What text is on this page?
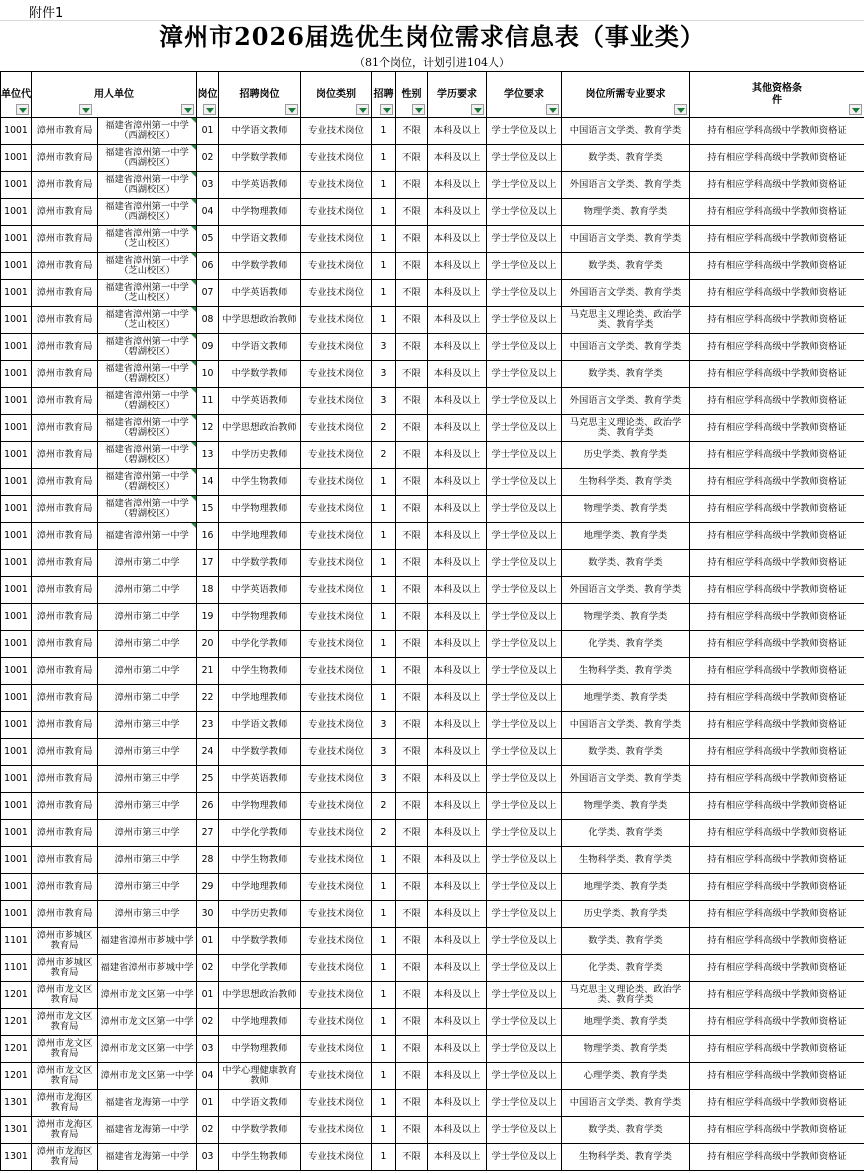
附件1
漳州市2026届选优生岗位需求信息表（事业类）
（81个岗位，计划引进104人）
单位代	用人单位		岗位	招聘岗位	岗位类别	招聘	性别	学历要求	学位要求	岗位所需专业要求	其他资格条件

1001	漳州市教育局	福建省漳州第一中学（西湖校区）	01	中学语文教师	专业技术岗位	1	不限	本科及以上	学士学位及以上	中国语言文学类、教育学类	持有相应学科高级中学教师资格证
1001	漳州市教育局	福建省漳州第一中学（西湖校区）	02	中学数学教师	专业技术岗位	1	不限	本科及以上	学士学位及以上	数学类、教育学类	持有相应学科高级中学教师资格证
1001	漳州市教育局	福建省漳州第一中学（西湖校区）	03	中学英语教师	专业技术岗位	1	不限	本科及以上	学士学位及以上	外国语言文学类、教育学类	持有相应学科高级中学教师资格证
1001	漳州市教育局	福建省漳州第一中学（西湖校区）	04	中学物理教师	专业技术岗位	1	不限	本科及以上	学士学位及以上	物理学类、教育学类	持有相应学科高级中学教师资格证
1001	漳州市教育局	福建省漳州第一中学（芝山校区）	05	中学语文教师	专业技术岗位	1	不限	本科及以上	学士学位及以上	中国语言文学类、教育学类	持有相应学科高级中学教师资格证
1001	漳州市教育局	福建省漳州第一中学（芝山校区）	06	中学数学教师	专业技术岗位	1	不限	本科及以上	学士学位及以上	数学类、教育学类	持有相应学科高级中学教师资格证
1001	漳州市教育局	福建省漳州第一中学（芝山校区）	07	中学英语教师	专业技术岗位	1	不限	本科及以上	学士学位及以上	外国语言文学类、教育学类	持有相应学科高级中学教师资格证
1001	漳州市教育局	福建省漳州第一中学（芝山校区）	08	中学思想政治教师	专业技术岗位	1	不限	本科及以上	学士学位及以上	马克思主义理论类、政治学类、教育学类	持有相应学科高级中学教师资格证
1001	漳州市教育局	福建省漳州第一中学（碧湖校区）	09	中学语文教师	专业技术岗位	3	不限	本科及以上	学士学位及以上	中国语言文学类、教育学类	持有相应学科高级中学教师资格证
1001	漳州市教育局	福建省漳州第一中学（碧湖校区）	10	中学数学教师	专业技术岗位	3	不限	本科及以上	学士学位及以上	数学类、教育学类	持有相应学科高级中学教师资格证
1001	漳州市教育局	福建省漳州第一中学（碧湖校区）	11	中学英语教师	专业技术岗位	3	不限	本科及以上	学士学位及以上	外国语言文学类、教育学类	持有相应学科高级中学教师资格证
1001	漳州市教育局	福建省漳州第一中学（碧湖校区）	12	中学思想政治教师	专业技术岗位	2	不限	本科及以上	学士学位及以上	马克思主义理论类、政治学类、教育学类	持有相应学科高级中学教师资格证
1001	漳州市教育局	福建省漳州第一中学（碧湖校区）	13	中学历史教师	专业技术岗位	2	不限	本科及以上	学士学位及以上	历史学类、教育学类	持有相应学科高级中学教师资格证
1001	漳州市教育局	福建省漳州第一中学（碧湖校区）	14	中学生物教师	专业技术岗位	1	不限	本科及以上	学士学位及以上	生物科学类、教育学类	持有相应学科高级中学教师资格证
1001	漳州市教育局	福建省漳州第一中学（碧湖校区）	15	中学物理教师	专业技术岗位	1	不限	本科及以上	学士学位及以上	物理学类、教育学类	持有相应学科高级中学教师资格证
1001	漳州市教育局	福建省漳州第一中学	16	中学地理教师	专业技术岗位	1	不限	本科及以上	学士学位及以上	地理学类、教育学类	持有相应学科高级中学教师资格证
1001	漳州市教育局	漳州市第二中学	17	中学数学教师	专业技术岗位	1	不限	本科及以上	学士学位及以上	数学类、教育学类	持有相应学科高级中学教师资格证
1001	漳州市教育局	漳州市第二中学	18	中学英语教师	专业技术岗位	1	不限	本科及以上	学士学位及以上	外国语言文学类、教育学类	持有相应学科高级中学教师资格证
1001	漳州市教育局	漳州市第二中学	19	中学物理教师	专业技术岗位	1	不限	本科及以上	学士学位及以上	物理学类、教育学类	持有相应学科高级中学教师资格证
1001	漳州市教育局	漳州市第二中学	20	中学化学教师	专业技术岗位	1	不限	本科及以上	学士学位及以上	化学类、教育学类	持有相应学科高级中学教师资格证
1001	漳州市教育局	漳州市第二中学	21	中学生物教师	专业技术岗位	1	不限	本科及以上	学士学位及以上	生物科学类、教育学类	持有相应学科高级中学教师资格证
1001	漳州市教育局	漳州市第二中学	22	中学地理教师	专业技术岗位	1	不限	本科及以上	学士学位及以上	地理学类、教育学类	持有相应学科高级中学教师资格证
1001	漳州市教育局	漳州市第三中学	23	中学语文教师	专业技术岗位	3	不限	本科及以上	学士学位及以上	中国语言文学类、教育学类	持有相应学科高级中学教师资格证
1001	漳州市教育局	漳州市第三中学	24	中学数学教师	专业技术岗位	3	不限	本科及以上	学士学位及以上	数学类、教育学类	持有相应学科高级中学教师资格证
1001	漳州市教育局	漳州市第三中学	25	中学英语教师	专业技术岗位	3	不限	本科及以上	学士学位及以上	外国语言文学类、教育学类	持有相应学科高级中学教师资格证
1001	漳州市教育局	漳州市第三中学	26	中学物理教师	专业技术岗位	2	不限	本科及以上	学士学位及以上	物理学类、教育学类	持有相应学科高级中学教师资格证
1001	漳州市教育局	漳州市第三中学	27	中学化学教师	专业技术岗位	2	不限	本科及以上	学士学位及以上	化学类、教育学类	持有相应学科高级中学教师资格证
1001	漳州市教育局	漳州市第三中学	28	中学生物教师	专业技术岗位	1	不限	本科及以上	学士学位及以上	生物科学类、教育学类	持有相应学科高级中学教师资格证
1001	漳州市教育局	漳州市第三中学	29	中学地理教师	专业技术岗位	1	不限	本科及以上	学士学位及以上	地理学类、教育学类	持有相应学科高级中学教师资格证
1001	漳州市教育局	漳州市第三中学	30	中学历史教师	专业技术岗位	1	不限	本科及以上	学士学位及以上	历史学类、教育学类	持有相应学科高级中学教师资格证
1101	漳州市芗城区教育局	福建省漳州市芗城中学	01	中学数学教师	专业技术岗位	1	不限	本科及以上	学士学位及以上	数学类、教育学类	持有相应学科高级中学教师资格证
1101	漳州市芗城区教育局	福建省漳州市芗城中学	02	中学化学教师	专业技术岗位	1	不限	本科及以上	学士学位及以上	化学类、教育学类	持有相应学科高级中学教师资格证
1201	漳州市龙文区教育局	漳州市龙文区第一中学	01	中学思想政治教师	专业技术岗位	1	不限	本科及以上	学士学位及以上	马克思主义理论类、政治学类、教育学类	持有相应学科高级中学教师资格证
1201	漳州市龙文区教育局	漳州市龙文区第一中学	02	中学地理教师	专业技术岗位	1	不限	本科及以上	学士学位及以上	地理学类、教育学类	持有相应学科高级中学教师资格证
1201	漳州市龙文区教育局	漳州市龙文区第一中学	03	中学物理教师	专业技术岗位	1	不限	本科及以上	学士学位及以上	物理学类、教育学类	持有相应学科高级中学教师资格证
1201	漳州市龙文区教育局	漳州市龙文区第一中学	04	中学心理健康教育教师	专业技术岗位	1	不限	本科及以上	学士学位及以上	心理学类、教育学类	持有相应学科高级中学教师资格证
1301	漳州市龙海区教育局	福建省龙海第一中学	01	中学语文教师	专业技术岗位	1	不限	本科及以上	学士学位及以上	中国语言文学类、教育学类	持有相应学科高级中学教师资格证
1301	漳州市龙海区教育局	福建省龙海第一中学	02	中学数学教师	专业技术岗位	1	不限	本科及以上	学士学位及以上	数学类、教育学类	持有相应学科高级中学教师资格证
1301	漳州市龙海区教育局	福建省龙海第一中学	03	中学生物教师	专业技术岗位	1	不限	本科及以上	学士学位及以上	生物科学类、教育学类	持有相应学科高级中学教师资格证
